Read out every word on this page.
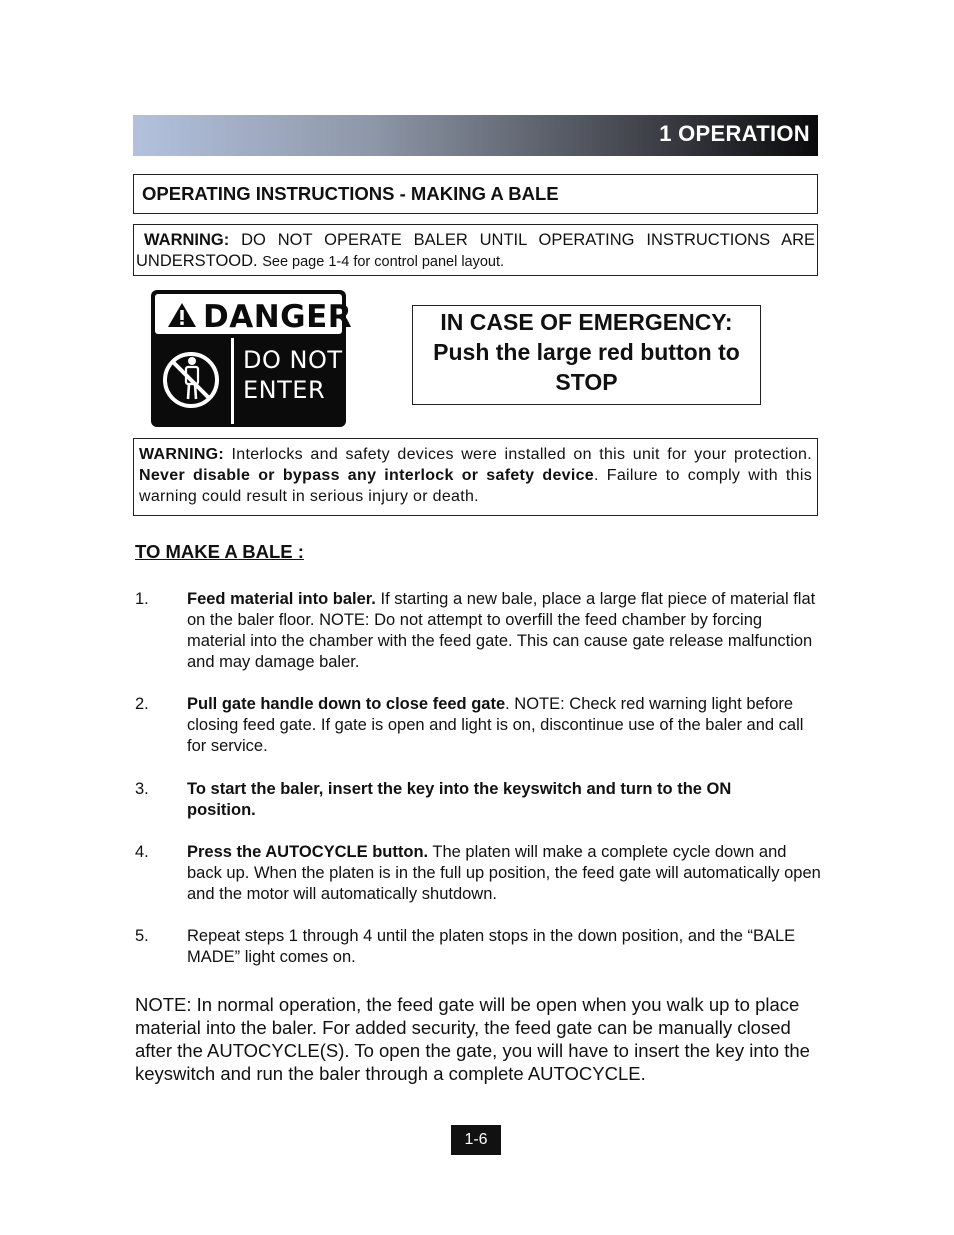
1 OPERATION
OPERATING INSTRUCTIONS - MAKING A BALE
WARNING: DO NOT OPERATE BALER UNTIL OPERATING INSTRUCTIONS ARE
UNDERSTOOD. See page 1-4 for control panel layout.
DANGER
DO NOT
ENTER
IN CASE OF EMERGENCY:
Push the large red button to
STOP
WARNING: Interlocks and safety devices were installed on this unit for your protection. Never disable or bypass any interlock or safety device. Failure to comply with this warning could result in serious injury or death.
TO MAKE A BALE :
1. Feed material into baler. If starting a new bale, place a large flat piece of material flat on the baler floor. NOTE: Do not attempt to overfill the feed chamber by forcing material into the chamber with the feed gate. This can cause gate release malfunction and may damage baler.
2. Pull gate handle down to close feed gate. NOTE: Check red warning light before closing feed gate. If gate is open and light is on, discontinue use of the baler and call for service.
3. To start the baler, insert the key into the keyswitch and turn to the ON position.
4. Press the AUTOCYCLE button. The platen will make a complete cycle down and back up. When the platen is in the full up position, the feed gate will automatically open and the motor will automatically shutdown.
5. Repeat steps 1 through 4 until the platen stops in the down position, and the “BALE MADE” light comes on.
NOTE: In normal operation, the feed gate will be open when you walk up to place material into the baler. For added security, the feed gate can be manually closed after the AUTOCYCLE(S). To open the gate, you will have to insert the key into the keyswitch and run the baler through a complete AUTOCYCLE.
1-6
